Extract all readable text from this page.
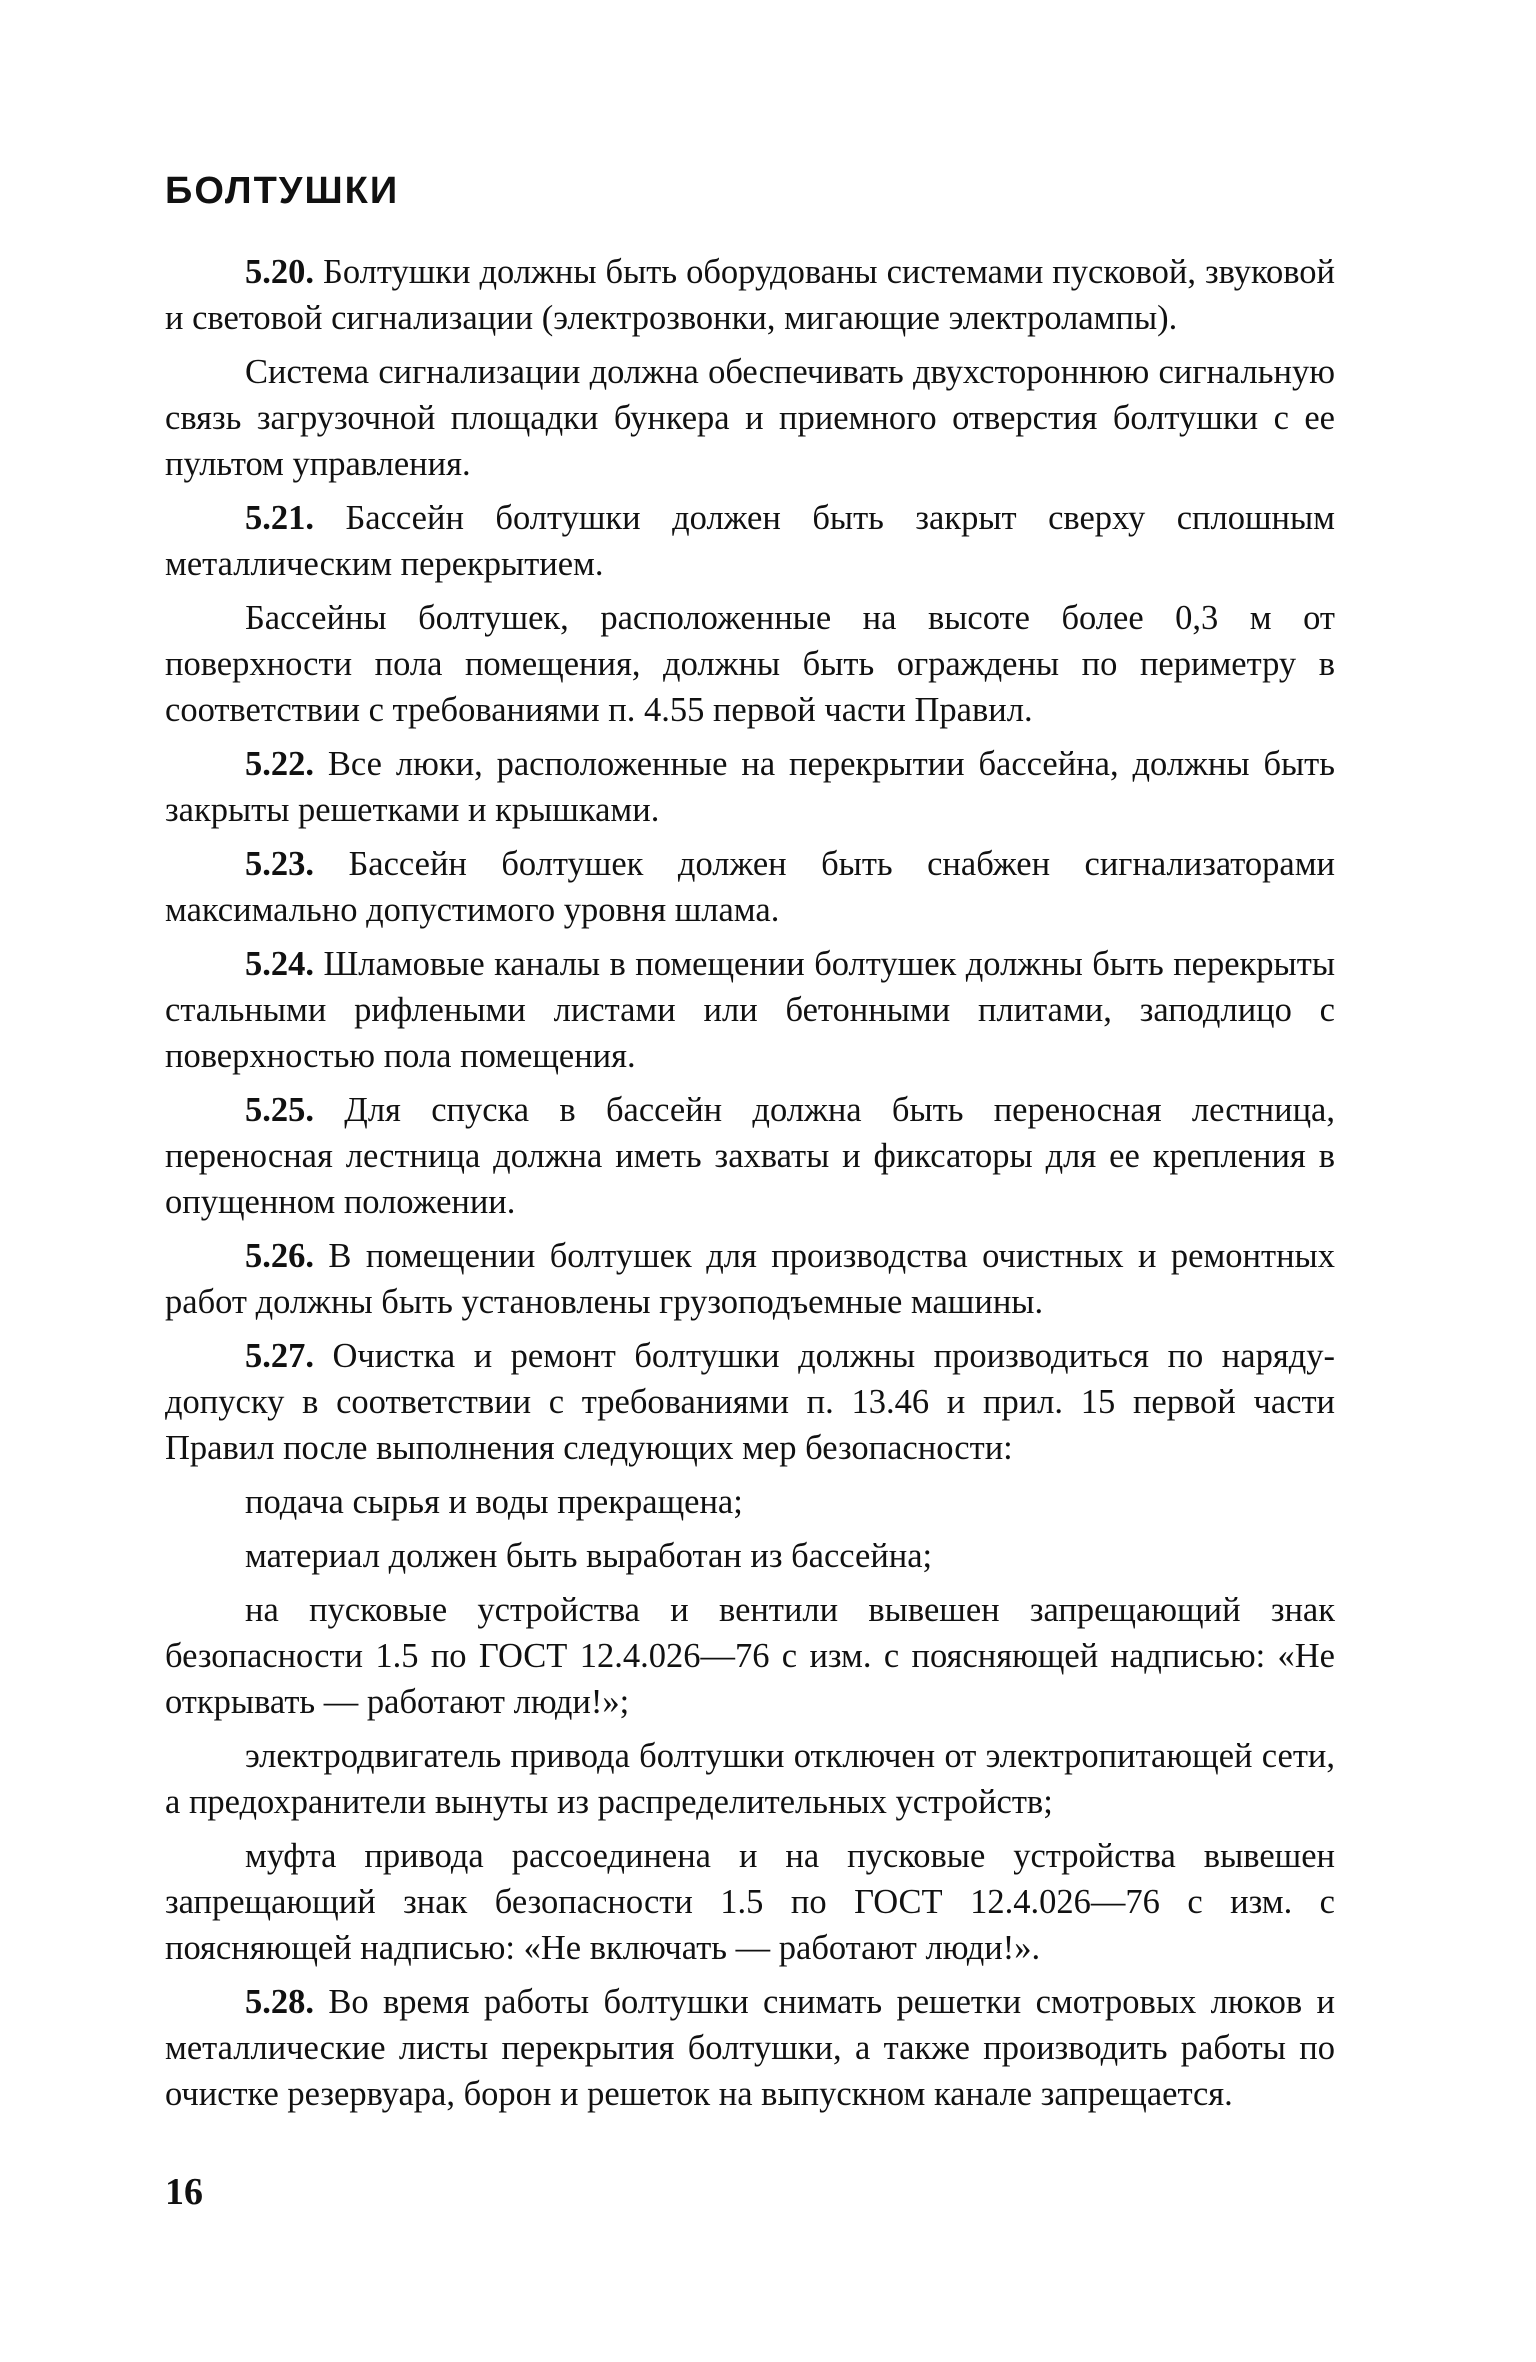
БОЛТУШКИ

5.20. Болтушки должны быть оборудованы системами пусковой, звуковой и световой сигнализации (электрозвонки, мигающие электролампы).

Система сигнализации должна обеспечивать двухстороннюю сигнальную связь загрузочной площадки бункера и приемного отверстия болтушки с ее пультом управления.

5.21. Бассейн болтушки должен быть закрыт сверху сплошным металлическим перекрытием.

Бассейны болтушек, расположенные на высоте более 0,3 м от поверхности пола помещения, должны быть ограждены по периметру в соответствии с требованиями п. 4.55 первой части Правил.

5.22. Все люки, расположенные на перекрытии бассейна, должны быть закрыты решетками и крышками.

5.23. Бассейн болтушек должен быть снабжен сигнализаторами максимально допустимого уровня шлама.

5.24. Шламовые каналы в помещении болтушек должны быть перекрыты стальными рифлеными листами или бетонными плитами, заподлицо с поверхностью пола помещения.

5.25. Для спуска в бассейн должна быть переносная лестница, переносная лестница должна иметь захваты и фиксаторы для ее крепления в опущенном положении.

5.26. В помещении болтушек для производства очистных и ремонтных работ должны быть установлены грузоподъемные машины.

5.27. Очистка и ремонт болтушки должны производиться по наряду-допуску в соответствии с требованиями п. 13.46 и прил. 15 первой части Правил после выполнения следующих мер безопасности:

подача сырья и воды прекращена;

материал должен быть выработан из бассейна;

на пусковые устройства и вентили вывешен запрещающий знак безопасности 1.5 по ГОСТ 12.4.026—76 с изм. с поясняющей надписью: «Не открывать — работают люди!»;

электродвигатель привода болтушки отключен от электропитающей сети, а предохранители вынуты из распределительных устройств;

муфта привода рассоединена и на пусковые устройства вывешен запрещающий знак безопасности 1.5 по ГОСТ 12.4.026—76 с изм. с поясняющей надписью: «Не включать — работают люди!».

5.28. Во время работы болтушки снимать решетки смотровых люков и металлические листы перекрытия болтушки, а также производить работы по очистке резервуара, борон и решеток на выпускном канале запрещается.

16
